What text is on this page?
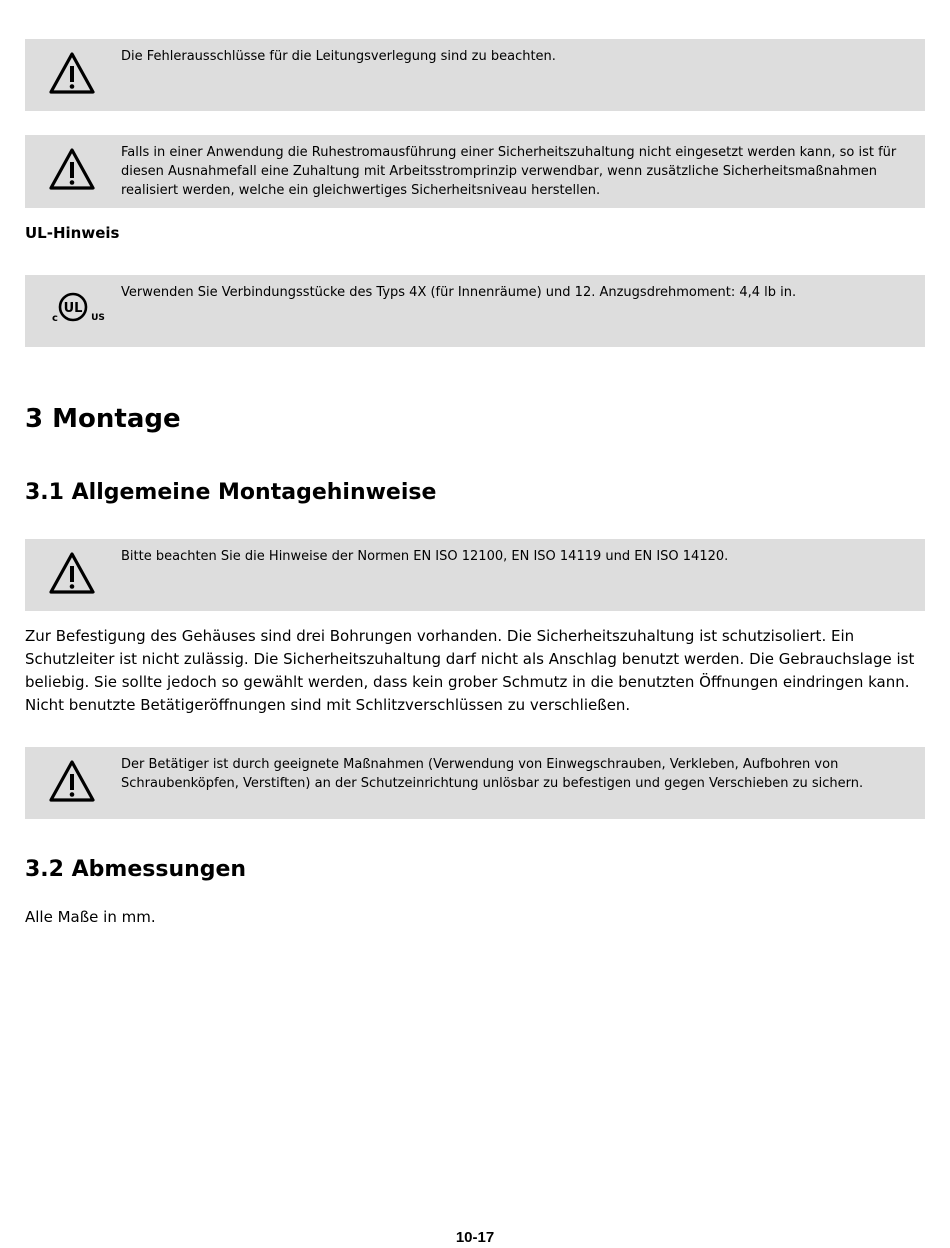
Die Fehlerausschlüsse für die Leitungsverlegung sind zu beachten.
Falls in einer Anwendung die Ruhestromausführung einer Sicherheitszuhaltung nicht eingesetzt werden kann, so ist für diesen Ausnahmefall eine Zuhaltung mit Arbeitsstromprinzip verwendbar, wenn zusätzliche Sicherheitsmaßnahmen realisiert werden, welche ein gleichwertiges Sicherheitsniveau herstellen.
UL-Hinweis
UL
c	US
Verwenden Sie Verbindungsstücke des Typs 4X (für Innenräume) und 12. Anzugsdrehmoment: 4,4 lb in.
3 Montage
3.1 Allgemeine Montagehinweise
Bitte beachten Sie die Hinweise der Normen EN ISO 12100, EN ISO 14119 und EN ISO 14120.
Zur Befestigung des Gehäuses sind drei Bohrungen vorhanden. Die Sicherheitszuhaltung ist schutzisoliert. Ein Schutzleiter ist nicht zulässig. Die Sicherheitszuhaltung darf nicht als Anschlag benutzt werden. Die Gebrauchslage ist beliebig. Sie sollte jedoch so gewählt werden, dass kein grober Schmutz in die benutzten Öffnungen eindringen kann. Nicht benutzte Betätigeröffnungen sind mit Schlitzverschlüssen zu verschließen.
Der Betätiger ist durch geeignete Maßnahmen (Verwendung von Einwegschrauben, Verkleben, Aufbohren von Schraubenköpfen, Verstiften) an der Schutzeinrichtung unlösbar zu befestigen und gegen Verschieben zu sichern.
3.2 Abmessungen
Alle Maße in mm.
10-17
